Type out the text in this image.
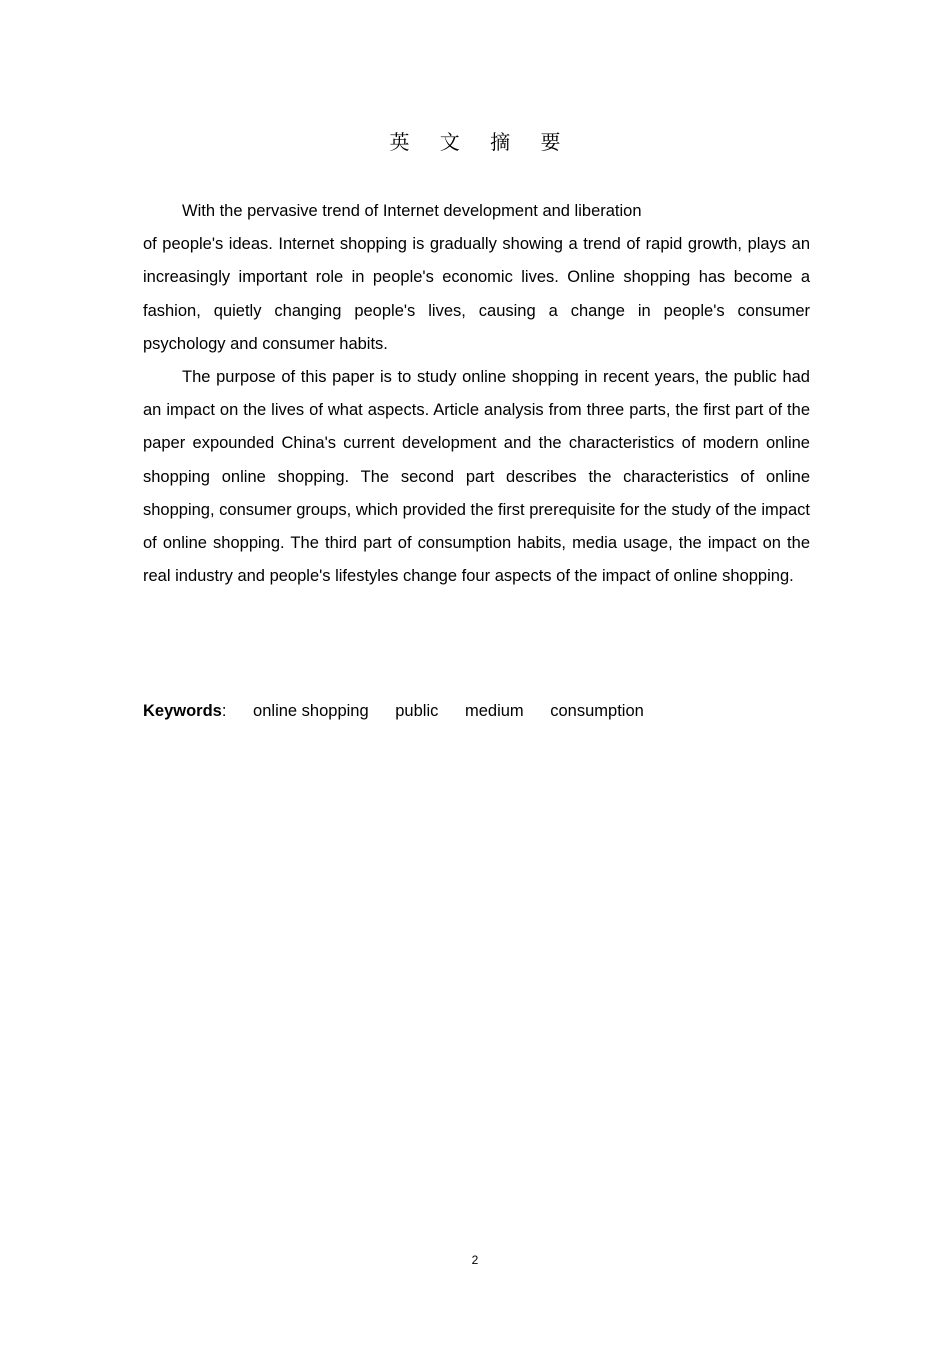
英 文 摘 要

With the pervasive trend of Internet development and liberation
of people's ideas. Internet shopping is gradually showing a trend of rapid growth, plays an increasingly important role in people's economic lives. Online shopping has become a fashion, quietly changing people's lives, causing a change in people's consumer psychology and consumer habits.

The purpose of this paper is to study online shopping in recent years, the public had an impact on the lives of what aspects. Article analysis from three parts, the first part of the paper expounded China's current development and the characteristics of modern online shopping online shopping. The second part describes the characteristics of online shopping, consumer groups, which provided the first prerequisite for the study of the impact of online shopping. The third part of consumption habits, media usage, the impact on the real industry and people's lifestyles change four aspects of the impact of online shopping.

Keywords: online shopping public medium consumption
2
